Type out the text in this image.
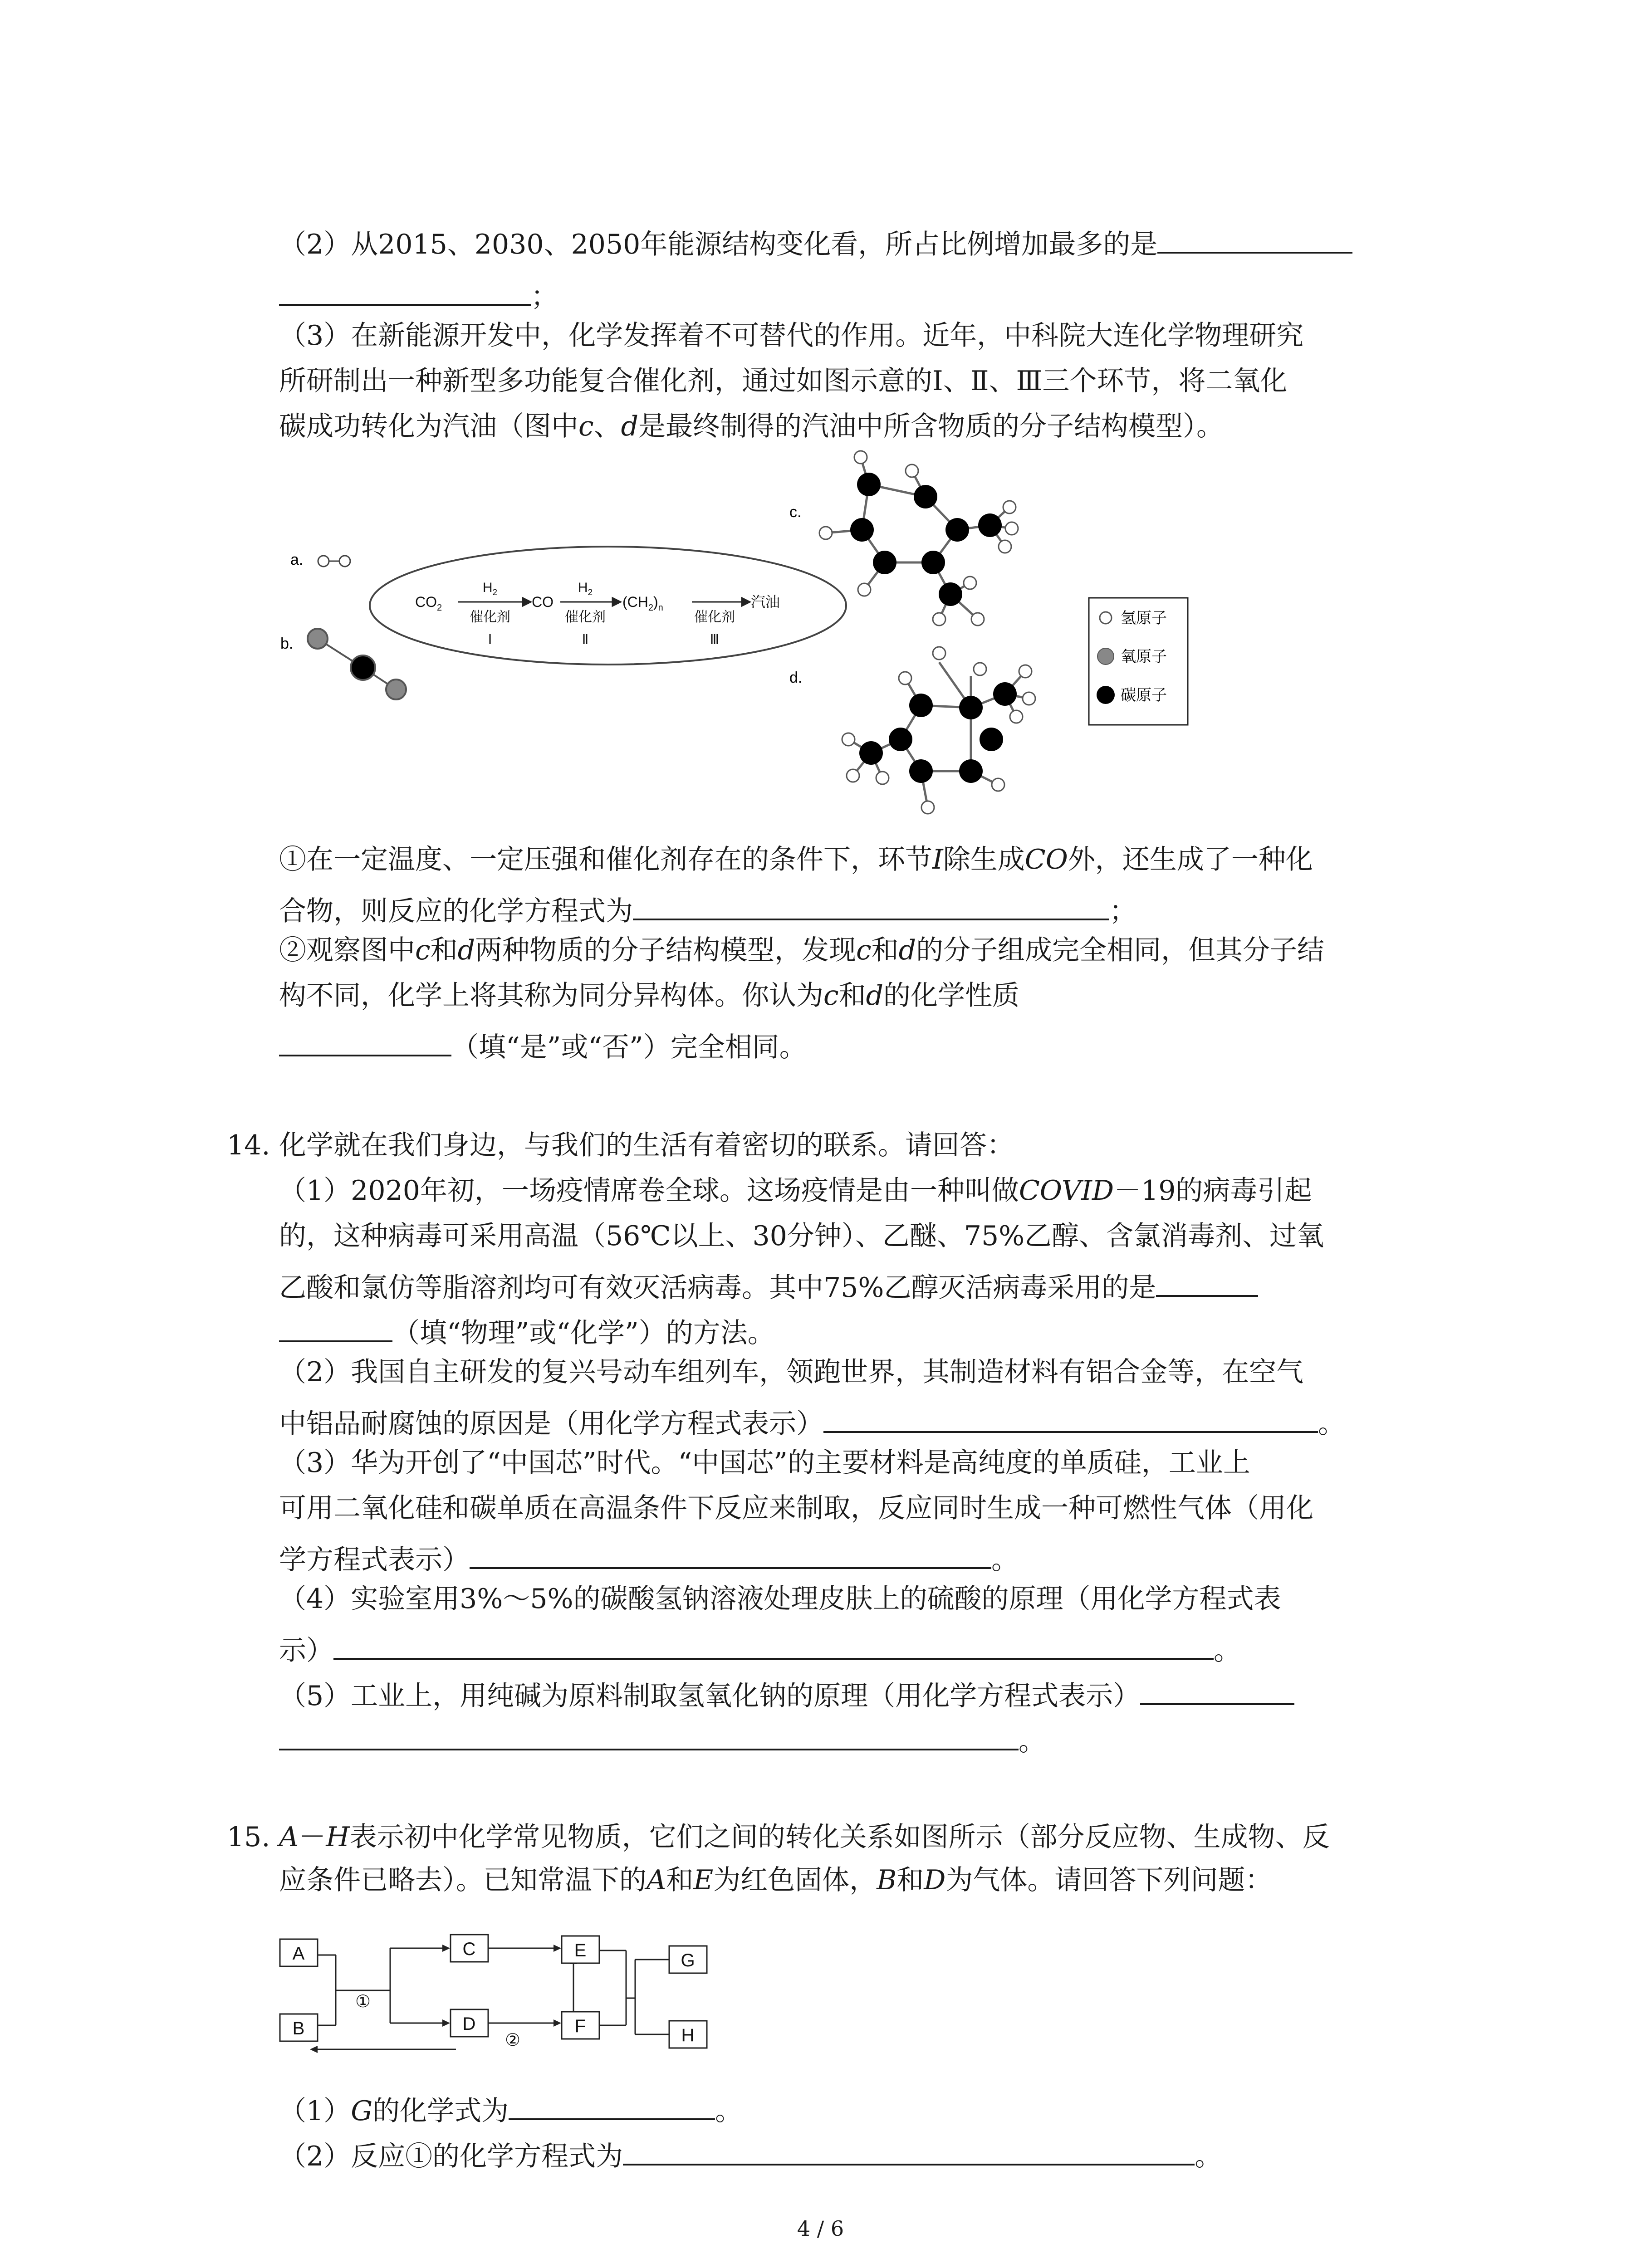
（2）从2015、2030、2050年能源结构变化看，所占比例增加最多的是
；
（3）在新能源开发中，化学发挥着不可替代的作用。近年，中科院大连化学物理研究
所研制出一种新型多功能复合催化剂，通过如图示意的Ⅰ、Ⅱ、Ⅲ三个环节，将二氧化
碳成功转化为汽油（图中c、d是最终制得的汽油中所含物质的分子结构模型）。
a.
b.
c.
d.
$CO_2$	CO	$(CH_2)_n$	汽油
$H_2$	$H_2$
催化剂	催化剂	催化剂
Ⅰ	Ⅱ	Ⅲ
氢原子
氧原子
碳原子
①在一定温度、一定压强和催化剂存在的条件下，环节I除生成CO外，还生成了一种化
合物，则反应的化学方程式为	；
②观察图中c和d两种物质的分子结构模型，发现c和d的分子组成完全相同，但其分子结
构不同，化学上将其称为同分异构体。你认为c和d的化学性质
（填“是”或“否”）完全相同。
14. 化学就在我们身边，与我们的生活有着密切的联系。请回答：
（1）2020年初，一场疫情席卷全球。这场疫情是由一种叫做COVID－19的病毒引起
的，这种病毒可采用高温（56℃以上、30分钟）、乙醚、75%乙醇、含氯消毒剂、过氧
乙酸和氯仿等脂溶剂均可有效灭活病毒。其中75%乙醇灭活病毒采用的是
（填“物理”或“化学”）的方法。
（2）我国自主研发的复兴号动车组列车，领跑世界，其制造材料有铝合金等，在空气
中铝品耐腐蚀的原因是（用化学方程式表示）	。
（3）华为开创了“中国芯”时代。“中国芯”的主要材料是高纯度的单质硅，工业上
可用二氧化硅和碳单质在高温条件下反应来制取，反应同时生成一种可燃性气体（用化
学方程式表示）	。
（4）实验室用3%～5%的碳酸氢钠溶液处理皮肤上的硫酸的原理（用化学方程式表
示）	。
（5）工业上，用纯碱为原料制取氢氧化钠的原理（用化学方程式表示）
。
15. A－H表示初中化学常见物质，它们之间的转化关系如图所示（部分反应物、生成物、反
应条件已略去）。已知常温下的A和E为红色固体，B和D为气体。请回答下列问题：
A
B
C
D
E
F
G
H
①
②
（1）G的化学式为	。
（2）反应①的化学方程式为	。
4 / 6
